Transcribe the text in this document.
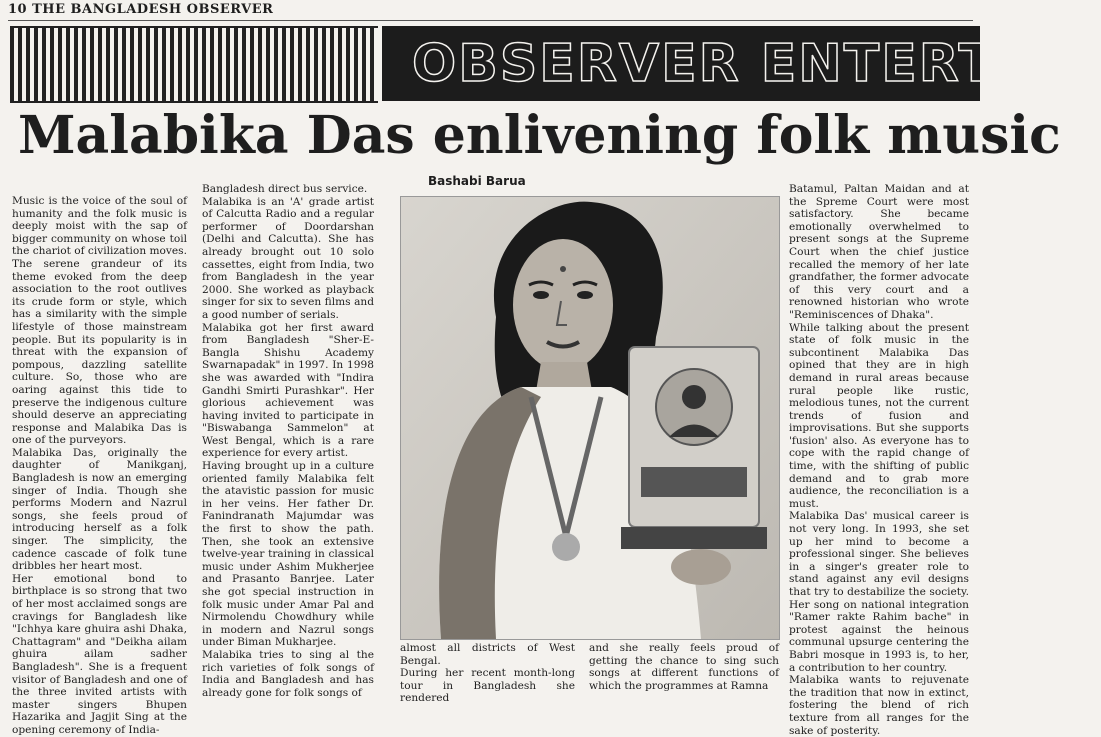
10 THE BANGLADESH OBSERVER
OBSERVER ENTERTAIN
Malabika Das enlivening folk music
Bashabi Barua
Music is the voice of the soul of humanity and the folk music is deeply moist with the sap of bigger community on whose toil the chariot of civilization moves. The serene grandeur of its theme evoked from the deep association to the root outlives its crude form or style, which has a similarity with the simple lifestyle of those mainstream people. But its popularity is in threat with the expansion of pompous, dazzling satellite culture. So, those who are oaring against this tide to preserve the indigenous culture should deserve an appreciating response and Malabika Das is one of the purveyors.
Malabika Das, originally the daughter of Manikganj, Bangladesh is now an emerging singer of India. Though she performs Modern and Nazrul songs, she feels proud of introducing herself as a folk singer. The simplicity, the cadence cascade of folk tune dribbles her heart most.
Her emotional bond to birthplace is so strong that two of her most acclaimed songs are cravings for Bangladesh like "Ichhya kare ghuira ashi Dhaka, Chattagram" and "Deikha ailam ghuira ailam sadher Bangladesh". She is a frequent visitor of Bangladesh and one of the three invited artists with master singers Bhupen Hazarika and Jagjit Sing at the opening ceremony of India-
Bangladesh direct bus service.
Malabika is an 'A' grade artist of Calcutta Radio and a regular performer of Doordarshan (Delhi and Calcutta). She has already brought out 10 solo cassettes, eight from India, two from Bangladesh in the year 2000. She worked as playback singer for six to seven films and a good number of serials.
Malabika got her first award from Bangladesh "Sher-E-Bangla Shishu Academy Swarnapadak" in 1997. In 1998 she was awarded with "Indira Gandhi Smirti Purashkar". Her glorious achievement was having invited to participate in "Biswabanga Sammelon" at West Bengal, which is a rare experience for every artist.
Having brought up in a culture oriented family Malabika felt the atavistic passion for music in her veins. Her father Dr. Fanindranath Majumdar was the first to show the path. Then, she took an extensive twelve-year training in classical music under Ashim Mukherjee and Prasanto Banrjee. Later she got special instruction in folk music under Amar Pal and Nirmolendu Chowdhury while in modern and Nazrul songs under Biman Mukharjee.
Malabika tries to sing al the rich varieties of folk songs of India and Bangladesh and has already gone for folk songs of
Batamul, Paltan Maidan and at the Spreme Court were most satisfactory. She became emotionally overwhelmed to present songs at the Supreme Court when the chief justice recalled the memory of her late grandfather, the former advocate of this very court and a renowned historian who wrote "Reminiscences of Dhaka".
While talking about the present state of folk music in the subcontinent Malabika Das opined that they are in high demand in rural areas because rural people like rustic, melodious tunes, not the current trends of fusion and improvisations. But she supports 'fusion' also. As everyone has to cope with the rapid change of time, with the shifting of public demand and to grab more audience, the reconciliation is a must.
Malabika Das' musical career is not very long. In 1993, she set up her mind to become a professional singer. She believes in a singer's greater role to stand against any evil designs that try to destabilize the society. Her song on national integration "Ramer rakte Rahim bache" in protest against the heinous communal upsurge centering the Babri mosque in 1993 is, to her, a contribution to her country.
Malabika wants to rejuvenate the tradition that now in extinct, fostering the blend of rich texture from all ranges for the sake of posterity.
almost all districts of West Bengal.
During her recent month-long tour in Bangladesh she rendered
and she really feels proud of getting the chance to sing such songs at different functions of which the programmes at Ramna
